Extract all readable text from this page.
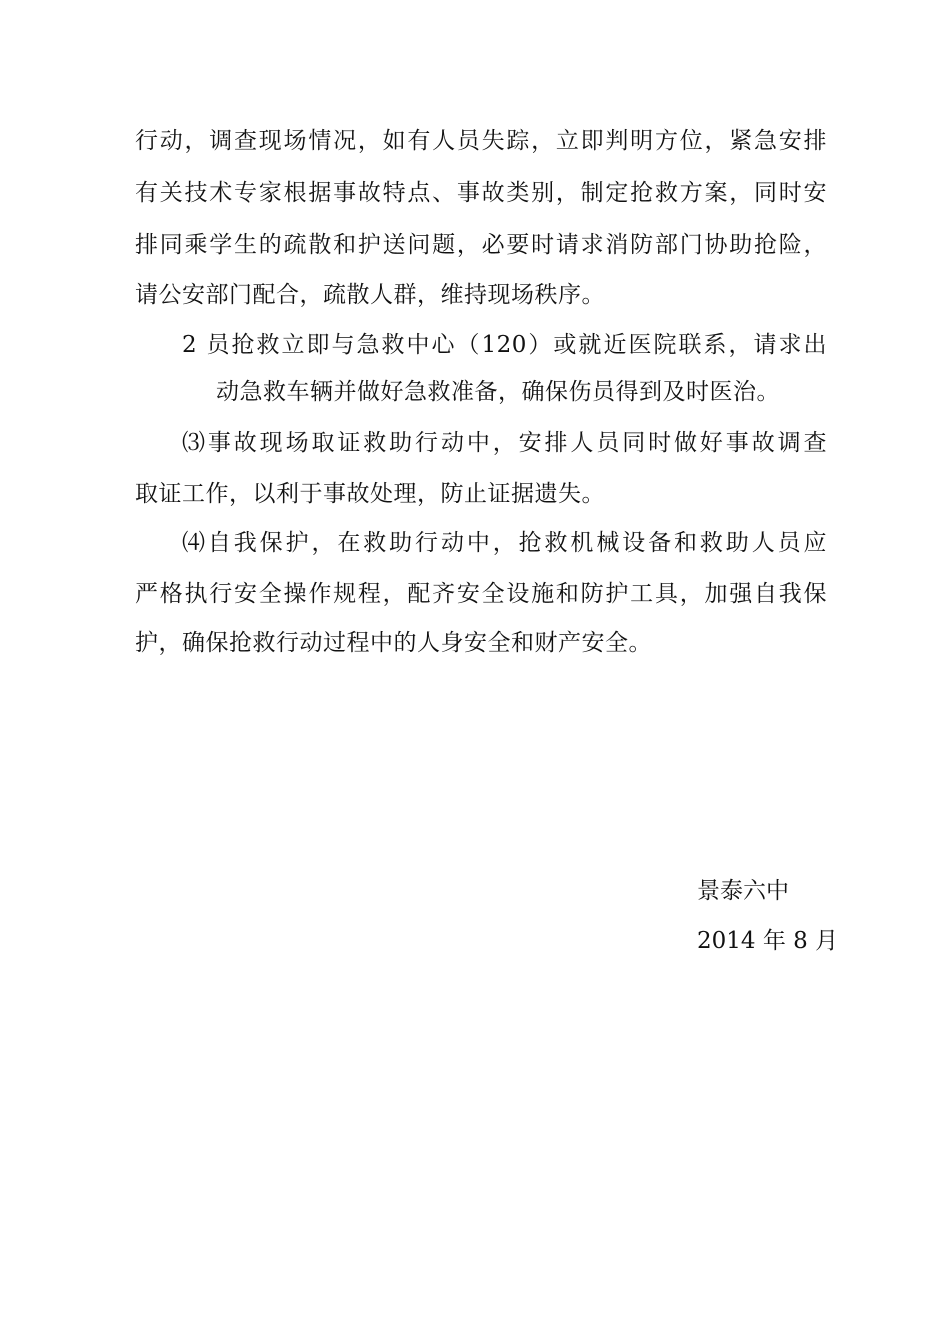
行动，调查现场情况，如有人员失踪，立即判明方位，紧急安排
有关技术专家根据事故特点、事故类别，制定抢救方案，同时安
排同乘学生的疏散和护送问题，必要时请求消防部门协助抢险，
请公安部门配合，疏散人群，维持现场秩序。
2 员抢救立即与急救中心（120）或就近医院联系，请求出
动急救车辆并做好急救准备，确保伤员得到及时医治。
⑶事故现场取证救助行动中，安排人员同时做好事故调查
取证工作，以利于事故处理，防止证据遗失。
⑷自我保护，在救助行动中，抢救机械设备和救助人员应
严格执行安全操作规程，配齐安全设施和防护工具，加强自我保
护，确保抢救行动过程中的人身安全和财产安全。
景泰六中
2014 年 8 月
